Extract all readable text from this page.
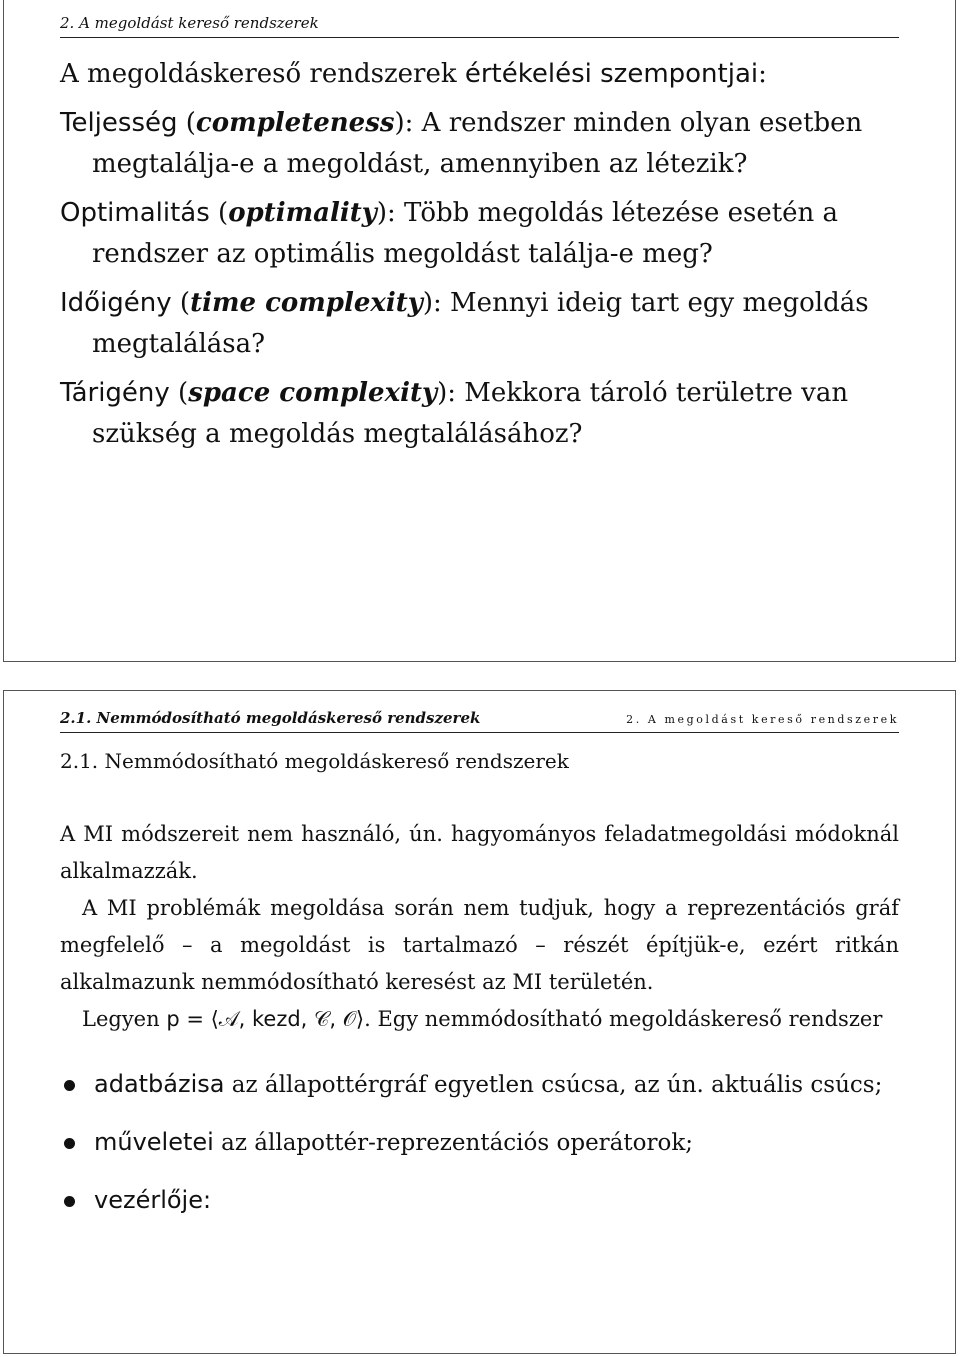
2. A megoldást kereső rendszerek

A megoldáskereső rendszerek értékelési szempontjai:

Teljesség (completeness): A rendszer minden olyan esetben megtalálja-e a megoldást, amennyiben az létezik?

Optimalitás (optimality): Több megoldás létezése esetén a rendszer az optimális megoldást találja-e meg?

Időigény (time complexity): Mennyi ideig tart egy megoldás megtalálása?

Tárigény (space complexity): Mekkora tároló területre van szükség a megoldás megtalálásához?

2.1. Nemmódosítható megoldáskereső rendszerek	2. A megoldást kereső rendszerek

2.1. Nemmódosítható megoldáskereső rendszerek

A MI módszereit nem használó, ún. hagyományos feladatmegoldási módoknál alkalmazzák.

A MI problémák megoldása során nem tudjuk, hogy a reprezentációs gráf megfelelő – a megoldást is tartalmazó – részét építjük-e, ezért ritkán alkalmazunk nemmódosítható keresést az MI területén.

Legyen p = ⟨𝒜, kezd, 𝒞, 𝒪⟩. Egy nemmódosítható megoldáskereső rendszer

adatbázisa az állapottérgráf egyetlen csúcsa, az ún. aktuális csúcs;

műveletei az állapottér-reprezentációs operátorok;

vezérlője:
